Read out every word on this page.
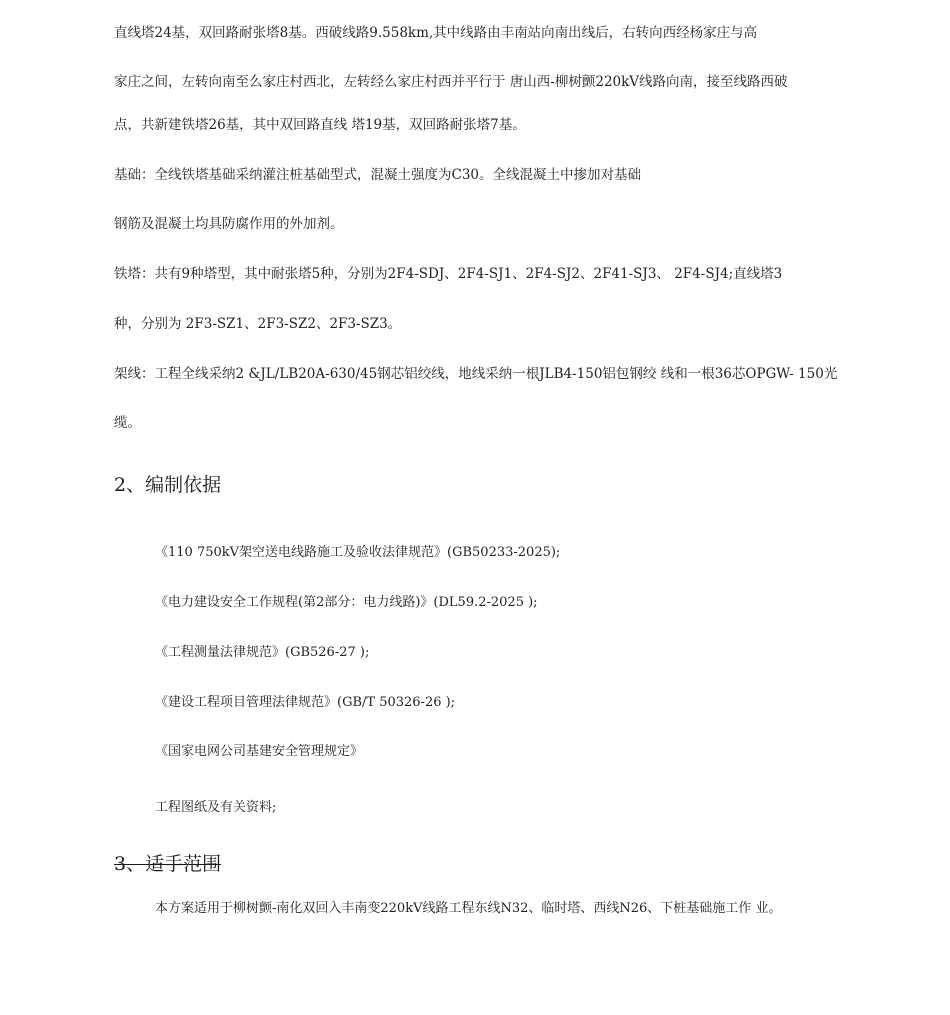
直线塔24基，双回路耐张塔8基。西破线路9.558km,其中线路由丰南站向南出线后，右转向西经杨家庄与高
家庄之间，左转向南至么家庄村西北，左转经么家庄村西并平行于 唐山西-柳树颤220kV线路向南，接至线路西破
点，共新建铁塔26基，其中双回路直线 塔19基，双回路耐张塔7基。
基础：全线铁塔基础采纳灌注桩基础型式，混凝土强度为C30。全线混凝土中掺加对基础
钢筋及混凝土均具防腐作用的外加剂。
铁塔：共有9种塔型，其中耐张塔5种，分别为2F4-SDJ、2F4-SJ1、2F4-SJ2、2F41-SJ3、 2F4-SJ4;直线塔3
种，分别为 2F3-SZ1、2F3-SZ2、2F3-SZ3。
架线：工程全线采纳2 &JL/LB20A-630/45钢芯铝绞线，地线采纳一根JLB4-150铝包钢绞 线和一根36芯OPGW- 150光
缆。
2、编制依据
《110 750kV架空送电线路施工及验收法律规范》(GB50233-2025);
《电力建设安全工作规程(第2部分：电力线路)》(DL59.2-2025 );
《工程测量法律规范》(GB526-27 );
《建设工程项目管理法律规范》(GB/T 50326-26 );
《国家电网公司基建安全管理规定》
工程图纸及有关资料;
3、适手范围
本方案适用于柳树颤-南化双回入丰南变220kV线路工程东线N32、临时塔、西线N26、下桩基础施工作 业。
